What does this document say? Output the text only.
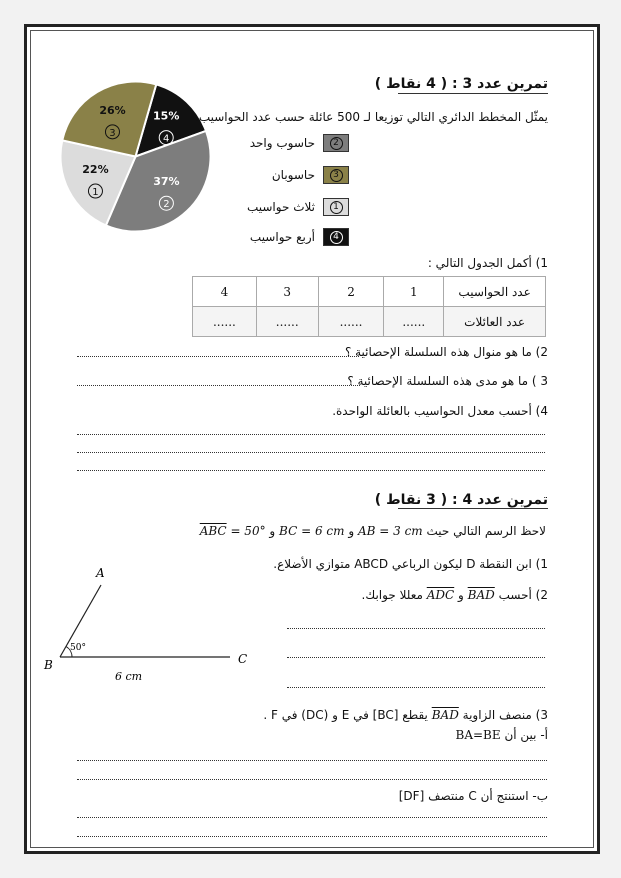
تمرين عدد 3 : ( 4 نقاط )
15%
4
37%
2
22%
1
26%
3
يمثّل المخطط الدائري التالي توزيعا لـ 500 عائلة حسب عدد الحواسيب.
حاسوب واحد	2
حاسوبان	3
ثلاث حواسيب	1
أربع حواسيب	4
1) أكمل الجدول التالي :
4	3	2	1	عدد الحواسيب
......	......	......	......	عدد العائلات
2) ما هو منوال هذه السلسلة الإحصائية ؟
3 ) ما هو مدى هذه السلسلة الإحصائية ؟
4) أحسب معدل الحواسيب بالعائلة الواحدة.
تمرين عدد 4 : ( 3 نقاط )
لاحظ الرسم التالي حيث AB = 3 cm و BC = 6 cm و $\overline{ABC} = 50^\circ$
1) ابن النقطة D ليكون الرباعي ABCD متوازي الأضلاع.
2) أحسب BAD و ADC معللا جوابك.
A
B	C
50°
6 cm
3) منصف الزاوية BAD يقطع [BC] في E و (DC) في F .
أ- بين أن BA=BE
ب- استنتج أن C منتصف [DF]
